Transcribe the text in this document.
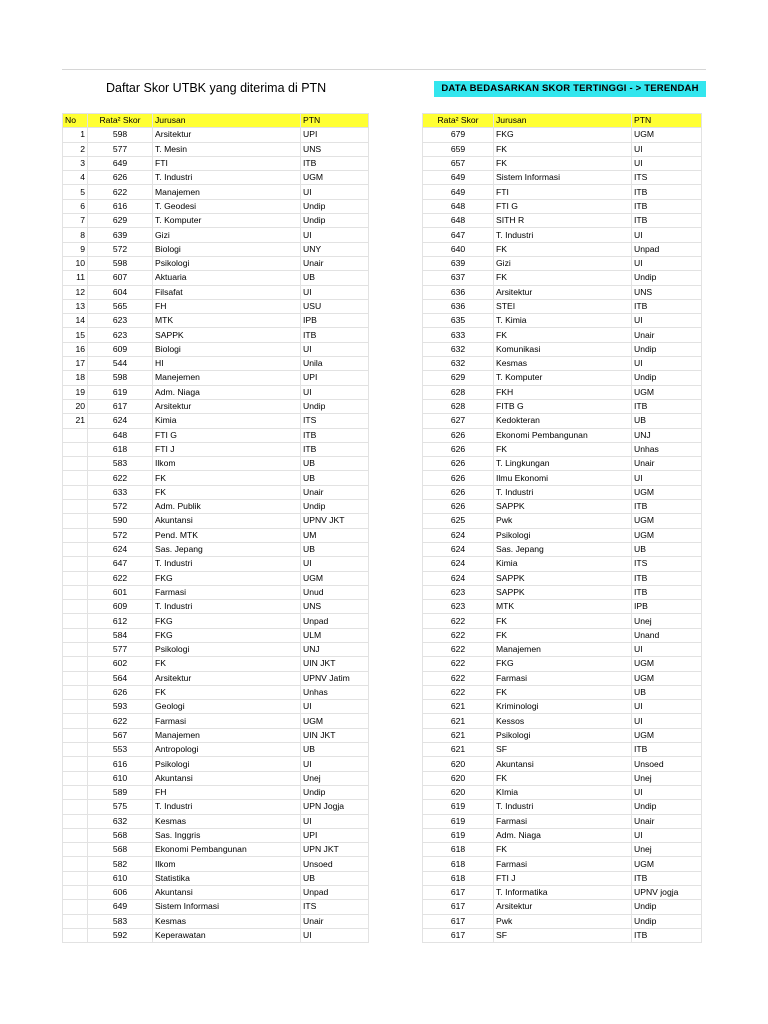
Daftar Skor UTBK yang diterima di PTN	DATA BEDASARKAN SKOR TERTINGGI - > TERENDAH
No	Rata² Skor	Jurusan	PTN
1	598	Arsitektur	UPI
2	577	T. Mesin	UNS
3	649	FTI	ITB
4	626	T. Industri	UGM
5	622	Manajemen	UI
6	616	T. Geodesi	Undip
7	629	T. Komputer	Undip
8	639	Gizi	UI
9	572	Biologi	UNY
10	598	Psikologi	Unair
11	607	Aktuaria	UB
12	604	Filsafat	UI
13	565	FH	USU
14	623	MTK	IPB
15	623	SAPPK	ITB
16	609	Biologi	UI
17	544	HI	Unila
18	598	Manejemen	UPI
19	619	Adm. Niaga	UI
20	617	Arsitektur	Undip
21	624	Kimia	ITS
	648	FTI G	ITB
	618	FTI J	ITB
	583	Ilkom	UB
	622	FK	UB
	633	FK	Unair
	572	Adm. Publik	Undip
	590	Akuntansi	UPNV JKT
	572	Pend. MTK	UM
	624	Sas. Jepang	UB
	647	T. Industri	UI
	622	FKG	UGM
	601	Farmasi	Unud
	609	T. Industri	UNS
	612	FKG	Unpad
	584	FKG	ULM
	577	Psikologi	UNJ
	602	FK	UIN JKT
	564	Arsitektur	UPNV Jatim
	626	FK	Unhas
	593	Geologi	UI
	622	Farmasi	UGM
	567	Manajemen	UIN JKT
	553	Antropologi	UB
	616	Psikologi	UI
	610	Akuntansi	Unej
	589	FH	Undip
	575	T. Industri	UPN Jogja
	632	Kesmas	UI
	568	Sas. Inggris	UPI
	568	Ekonomi Pembangunan	UPN JKT
	582	Ilkom	Unsoed
	610	Statistika	UB
	606	Akuntansi	Unpad
	649	Sistem Informasi	ITS
	583	Kesmas	Unair
	592	Keperawatan	UI
Rata² Skor	Jurusan	PTN
679	FKG	UGM
659	FK	UI
657	FK	UI
649	Sistem Informasi	ITS
649	FTI	ITB
648	FTI G	ITB
648	SITH R	ITB
647	T. Industri	UI
640	FK	Unpad
639	Gizi	UI
637	FK	Undip
636	Arsitektur	UNS
636	STEI	ITB
635	T. Kimia	UI
633	FK	Unair
632	Komunikasi	Undip
632	Kesmas	UI
629	T. Komputer	Undip
628	FKH	UGM
628	FITB G	ITB
627	Kedokteran	UB
626	Ekonomi Pembangunan	UNJ
626	FK	Unhas
626	T. Lingkungan	Unair
626	Ilmu Ekonomi	UI
626	T. Industri	UGM
626	SAPPK	ITB
625	Pwk	UGM
624	Psikologi	UGM
624	Sas. Jepang	UB
624	Kimia	ITS
624	SAPPK	ITB
623	SAPPK	ITB
623	MTK	IPB
622	FK	Unej
622	FK	Unand
622	Manajemen	UI
622	FKG	UGM
622	Farmasi	UGM
622	FK	UB
621	Kriminologi	UI
621	Kessos	UI
621	Psikologi	UGM
621	SF	ITB
620	Akuntansi	Unsoed
620	FK	Unej
620	KImia	UI
619	T. Industri	Undip
619	Farmasi	Unair
619	Adm. Niaga	UI
618	FK	Unej
618	Farmasi	UGM
618	FTI J	ITB
617	T. Informatika	UPNV jogja
617	Arsitektur	Undip
617	Pwk	Undip
617	SF	ITB
